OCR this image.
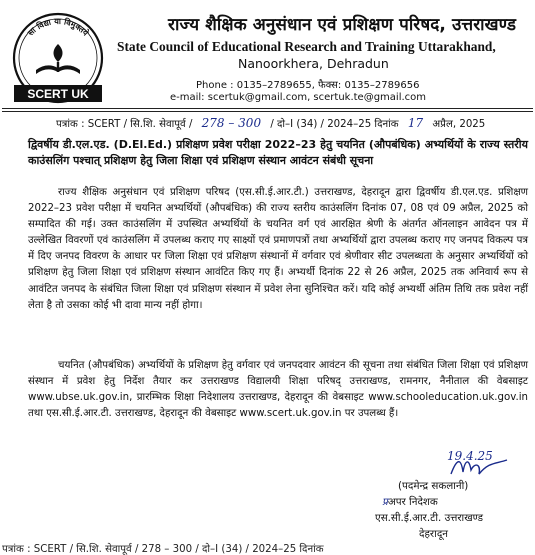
सा विद्या या विमुक्तये
SCERT UK
राज्य शैक्षिक अनुसंधान एवं प्रशिक्षण परिषद, उत्तराखण्ड
State Council of Educational Research and Training Uttarakhand,
Nanoorkhera, Dehradun
Phone : 0135–2789655, फैक्स: 0135–2789656
e-mail: scertuk@gmail.com, scertuk.te@gmail.com
पत्रांक : SCERT / सि.शि. सेवापूर्व / 278 – 300 / दो–I (34) / 2024–25 दिनांक 17 अप्रैल, 2025
द्विवर्षीय डी.एल.एड. (D.El.Ed.) प्रशिक्षण प्रवेश परीक्षा 2022–23 हेतु चयनित (औपबंधिक) अभ्यर्थियों के राज्य स्तरीय काउंसलिंग पश्चात् प्रशिक्षण हेतु जिला शिक्षा एवं प्रशिक्षण संस्थान आवंटन संबंधी सूचना
राज्य शैक्षिक अनुसंधान एवं प्रशिक्षण परिषद (एस.सी.ई.आर.टी.) उत्तराखण्ड, देहरादून द्वारा द्विवर्षीय डी.एल.एड. प्रशिक्षण 2022–23 प्रवेश परीक्षा में चयनित अभ्यर्थियों (औपबंधिक) की राज्य स्तरीय काउंसलिंग दिनांक 07, 08 एवं 09 अप्रैल, 2025 को सम्पादित की गई। उक्त काउंसलिंग में उपस्थित अभ्यर्थियों के चयनित वर्ग एवं आरक्षित श्रेणी के अंतर्गत ऑनलाइन आवेदन पत्र में उल्लेखित विवरणों एवं काउंसलिंग में उपलब्ध कराए गए साक्ष्यों एवं प्रमाणपत्रों तथा अभ्यर्थियों द्वारा उपलब्ध कराए गए जनपद विकल्प पत्र में दिए जनपद विवरण के आधार पर जिला शिक्षा एवं प्रशिक्षण संस्थानों में वर्गवार एवं श्रेणीवार सीट उपलब्धता के अनुसार अभ्यर्थियों को प्रशिक्षण हेतु जिला शिक्षा एवं प्रशिक्षण संस्थान आवंटित किए गए हैं। अभ्यर्थी दिनांक 22 से 26 अप्रैल, 2025 तक अनिवार्य रूप से आवंटित जनपद के संबंधित जिला शिक्षा एवं प्रशिक्षण संस्थान में प्रवेश लेना सुनिश्चित करें। यदि कोई अभ्यर्थी अंतिम तिथि तक प्रवेश नहीं लेता है तो उसका कोई भी दावा मान्य नहीं होगा।
चयनित (औपबंधिक) अभ्यर्थियों के प्रशिक्षण हेतु वर्गवार एवं जनपदवार आवंटन की सूचना तथा संबंधित जिला शिक्षा एवं प्रशिक्षण संस्थान में प्रवेश हेतु निर्देश तैयार कर उत्तराखण्ड विद्यालयी शिक्षा परिषद् उत्तराखण्ड, रामनगर, नैनीताल की वेबसाइट www.ubse.uk.gov.in, प्रारम्भिक शिक्षा निदेशालय उत्तराखण्ड, देहरादून की वेबसाइट www.schooleducation.uk.gov.in तथा एस.सी.ई.आर.टी. उत्तराखण्ड, देहरादून की वेबसाइट www.scert.uk.gov.in पर उपलब्ध हैं।
19.4.25
(पदमेन्द्र सकलानी)
प्रअपर निदेशक
एस.सी.ई.आर.टी. उत्तराखण्ड
देहरादून
पत्रांक : SCERT / सि.शि. सेवापूर्व / 278 – 300 / दो–I (34) / 2024–25 दिनांक
